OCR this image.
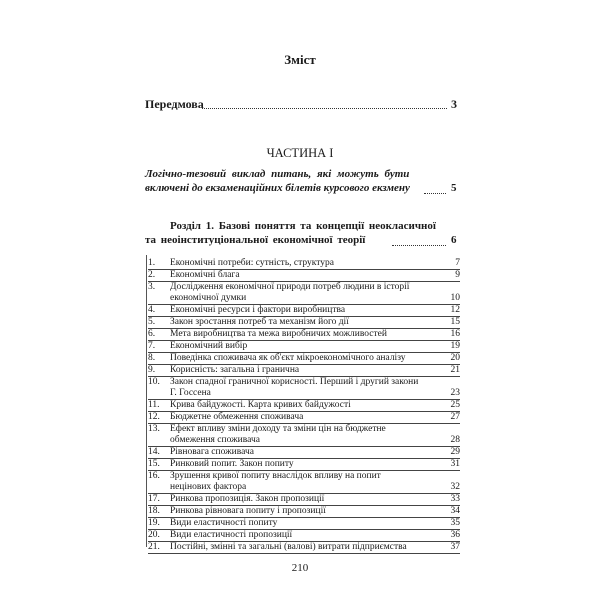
Зміст
Передмова	3
ЧАСТИНА І
Логічно-тезовий виклад питань, які можуть бути
включені до екзаменаційних білетів курсового екзмену	5
Розділ 1. Базові поняття та концепції неокласичної
та неоінституціональної економічної теорії	6
1. Економічні потреби: сутність, структура	7
2. Економічні блага	9
3. Дослідження економічної природи потреб людини в історії
економічної думки	10
4. Економічні ресурси і фактори виробництва	12
5. Закон зростання потреб та механізм його дії	15
6. Мета виробництва та межа виробничих можливостей	16
7. Економічний вибір	19
8. Поведінка споживача як об'єкт мікроекономічного аналізу	20
9. Корисність: загальна і гранична	21
10. Закон спадної граничної корисності. Перший і другий закони
Г. Госсена	23
11. Крива байдужості. Карта кривих байдужості	25
12. Бюджетне обмеження споживача	27
13. Ефект впливу зміни доходу та зміни цін на бюджетне
обмеження споживача	28
14. Рівновага споживача	29
15. Ринковий попит. Закон попиту	31
16. Зрушення кривої попиту внаслідок впливу на попит
нецінових фактора	32
17. Ринкова пропозиція. Закон пропозиції	33
18. Ринкова рівновага попиту і пропозиції	34
19. Види еластичності попиту	35
20. Види еластичності пропозиції	36
21. Постійні, змінні та загальні (валові) витрати підприємства	37
210
